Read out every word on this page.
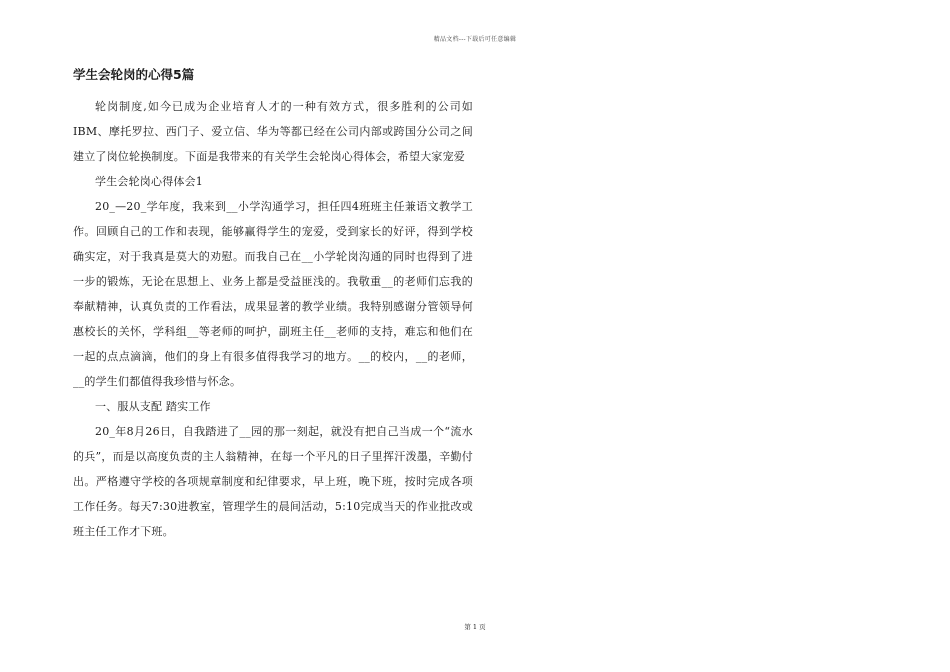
精品文档---下载后可任意编辑
学生会轮岗的心得5篇

轮岗制度,如今已成为企业培育人才的一种有效方式，很多胜利的公司如IBM、摩托罗拉、西门子、爱立信、华为等都已经在公司内部或跨国分公司之间建立了岗位轮换制度。下面是我带来的有关学生会轮岗心得体会，希望大家宠爱

学生会轮岗心得体会1

20_—20_学年度，我来到__小学沟通学习，担任四4班班主任兼语文教学工作。回顾自己的工作和表现，能够赢得学生的宠爱，受到家长的好评，得到学校确实定，对于我真是莫大的劝慰。而我自己在__小学轮岗沟通的同时也得到了进一步的锻炼，无论在思想上、业务上都是受益匪浅的。我敬重__的老师们忘我的奉献精神，认真负责的工作看法，成果显著的教学业绩。我特别感谢分管领导何惠校长的关怀，学科组__等老师的呵护，副班主任__老师的支持，难忘和他们在一起的点点滴滴，他们的身上有很多值得我学习的地方。__的校内，__的老师，__的学生们都值得我珍惜与怀念。

一、服从支配 踏实工作

20_年8月26日，自我踏进了__园的那一刻起，就没有把自己当成一个“流水的兵”，而是以高度负责的主人翁精神，在每一个平凡的日子里挥汗泼墨，辛勤付出。严格遵守学校的各项规章制度和纪律要求，早上班，晚下班，按时完成各项工作任务。每天7:30进教室，管理学生的晨间活动，5:10完成当天的作业批改或班主任工作才下班。

第 1 页
